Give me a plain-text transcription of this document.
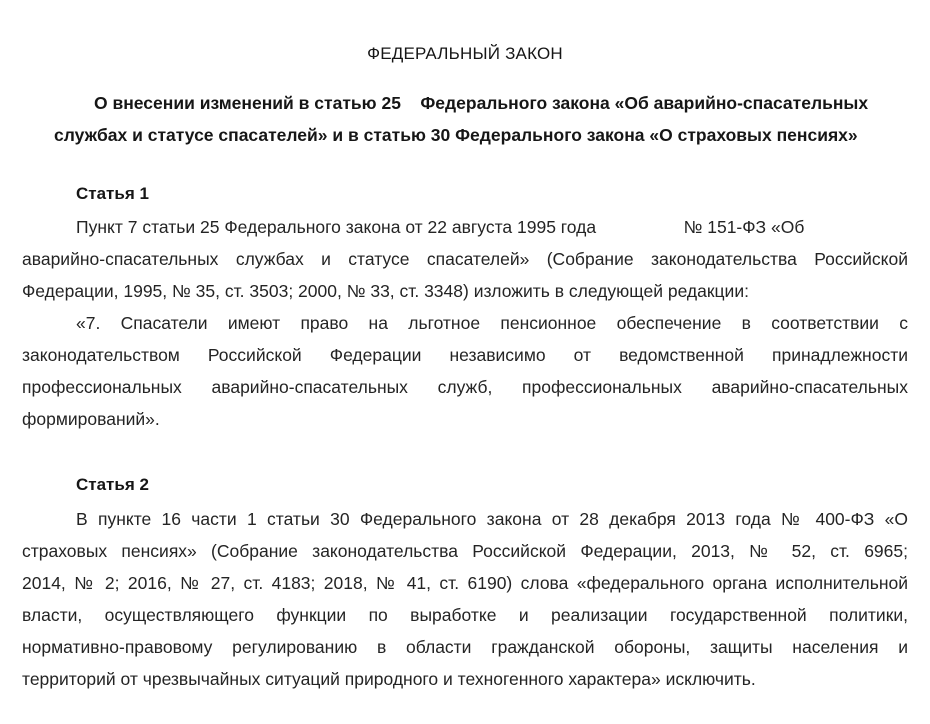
ФЕДЕРАЛЬНЫЙ ЗАКОН
О внесении изменений в статью 25    Федерального закона «Об аварийно-спасательных
службах и статусе спасателей» и в статью 30 Федерального закона «О страховых пенсиях»
Статья 1
Пункт 7 статьи 25 Федерального закона от 22 августа 1995 года                  № 151-ФЗ «Об
аварийно-спасательных службах и статусе спасателей» (Собрание законодательства Российской
Федерации, 1995, № 35, ст. 3503; 2000, № 33, ст. 3348) изложить в следующей редакции:
«7. Спасатели имеют право на льготное пенсионное обеспечение в соответствии с
законодательством Российской Федерации независимо от ведомственной принадлежности
профессиональных аварийно-спасательных служб, профессиональных аварийно-спасательных
формирований».
Статья 2
В пункте 16 части 1 статьи 30 Федерального закона от 28 декабря 2013 года № 400-ФЗ «О
страховых пенсиях» (Собрание законодательства Российской Федерации, 2013, № 52, ст. 6965;
2014, № 2; 2016, № 27, ст. 4183; 2018, № 41, ст. 6190) слова «федерального органа исполнительной
власти, осуществляющего функции по выработке и реализации государственной политики,
нормативно-правовому регулированию в области гражданской обороны, защиты населения и
территорий от чрезвычайных ситуаций природного и техногенного характера» исключить.
